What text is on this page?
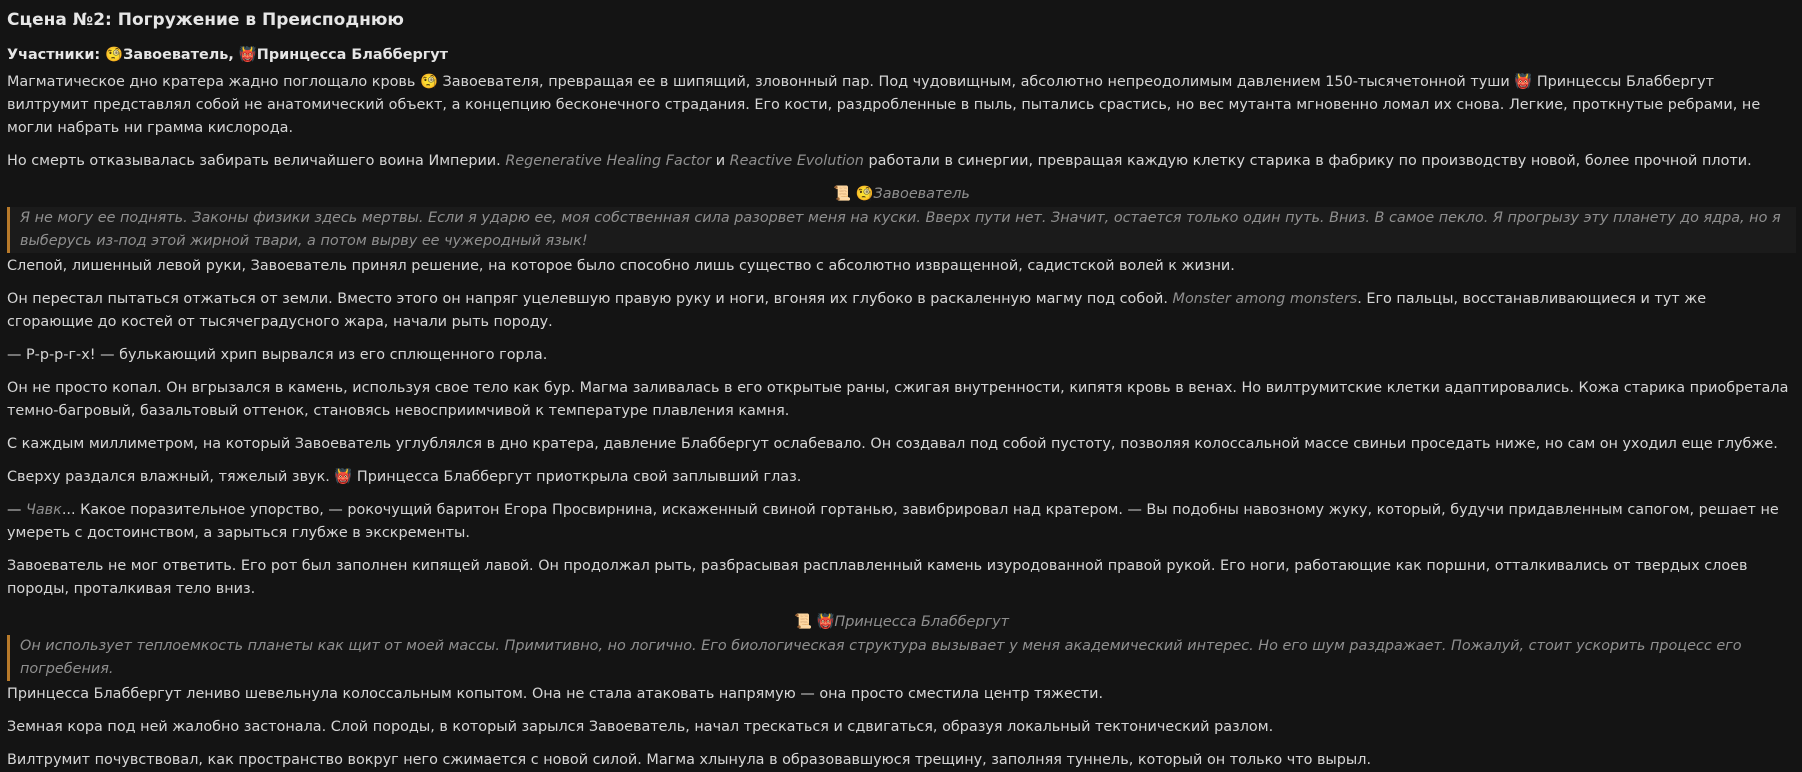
Сцена №2: Погружение в Преисподнюю
Участники: 🧐Завоеватель, 👹Принцесса Блаббергут

Магматическое дно кратера жадно поглощало кровь 🧐 Завоевателя, превращая ее в шипящий, зловонный пар. Под чудовищным, абсолютно непреодолимым давлением 150-тысячетонной туши 👹 Принцессы Блаббергут вилтрумит представлял собой не анатомический объект, а концепцию бесконечного страдания. Его кости, раздробленные в пыль, пытались срастись, но вес мутанта мгновенно ломал их снова. Легкие, проткнутые ребрами, не могли набрать ни грамма кислорода.

Но смерть отказывалась забирать величайшего воина Империи. Regenerative Healing Factor и Reactive Evolution работали в синергии, превращая каждую клетку старика в фабрику по производству новой, более прочной плоти.

📜 🧐Завоеватель
Я не могу ее поднять. Законы физики здесь мертвы. Если я ударю ее, моя собственная сила разорвет меня на куски. Вверх пути нет. Значит, остается только один путь. Вниз. В самое пекло. Я прогрызу эту планету до ядра, но я выберусь из-под этой жирной твари, а потом вырву ее чужеродный язык!

Слепой, лишенный левой руки, Завоеватель принял решение, на которое было способно лишь существо с абсолютно извращенной, садистской волей к жизни.

Он перестал пытаться отжаться от земли. Вместо этого он напряг уцелевшую правую руку и ноги, вгоняя их глубоко в раскаленную магму под собой. Monster among monsters. Его пальцы, восстанавливающиеся и тут же сгорающие до костей от тысячеградусного жара, начали рыть породу.

— Р-р-р-г-х! — булькающий хрип вырвался из его сплющенного горла.

Он не просто копал. Он вгрызался в камень, используя свое тело как бур. Магма заливалась в его открытые раны, сжигая внутренности, кипятя кровь в венах. Но вилтрумитские клетки адаптировались. Кожа старика приобретала темно-багровый, базальтовый оттенок, становясь невосприимчивой к температуре плавления камня.

С каждым миллиметром, на который Завоеватель углублялся в дно кратера, давление Блаббергут ослабевало. Он создавал под собой пустоту, позволяя колоссальной массе свиньи проседать ниже, но сам он уходил еще глубже.

Сверху раздался влажный, тяжелый звук. 👹 Принцесса Блаббергут приоткрыла свой заплывший глаз.

— Чавк... Какое поразительное упорство, — рокочущий баритон Егора Просвирнина, искаженный свиной гортанью, завибрировал над кратером. — Вы подобны навозному жуку, который, будучи придавленным сапогом, решает не умереть с достоинством, а зарыться глубже в экскременты.

Завоеватель не мог ответить. Его рот был заполнен кипящей лавой. Он продолжал рыть, разбрасывая расплавленный камень изуродованной правой рукой. Его ноги, работающие как поршни, отталкивались от твердых слоев породы, проталкивая тело вниз.

📜 👹Принцесса Блаббергут
Он использует теплоемкость планеты как щит от моей массы. Примитивно, но логично. Его биологическая структура вызывает у меня академический интерес. Но его шум раздражает. Пожалуй, стоит ускорить процесс его погребения.

Принцесса Блаббергут лениво шевельнула колоссальным копытом. Она не стала атаковать напрямую — она просто сместила центр тяжести.

Земная кора под ней жалобно застонала. Слой породы, в который зарылся Завоеватель, начал трескаться и сдвигаться, образуя локальный тектонический разлом.

Вилтрумит почувствовал, как пространство вокруг него сжимается с новой силой. Магма хлынула в образовавшуюся трещину, заполняя туннель, который он только что вырыл.
